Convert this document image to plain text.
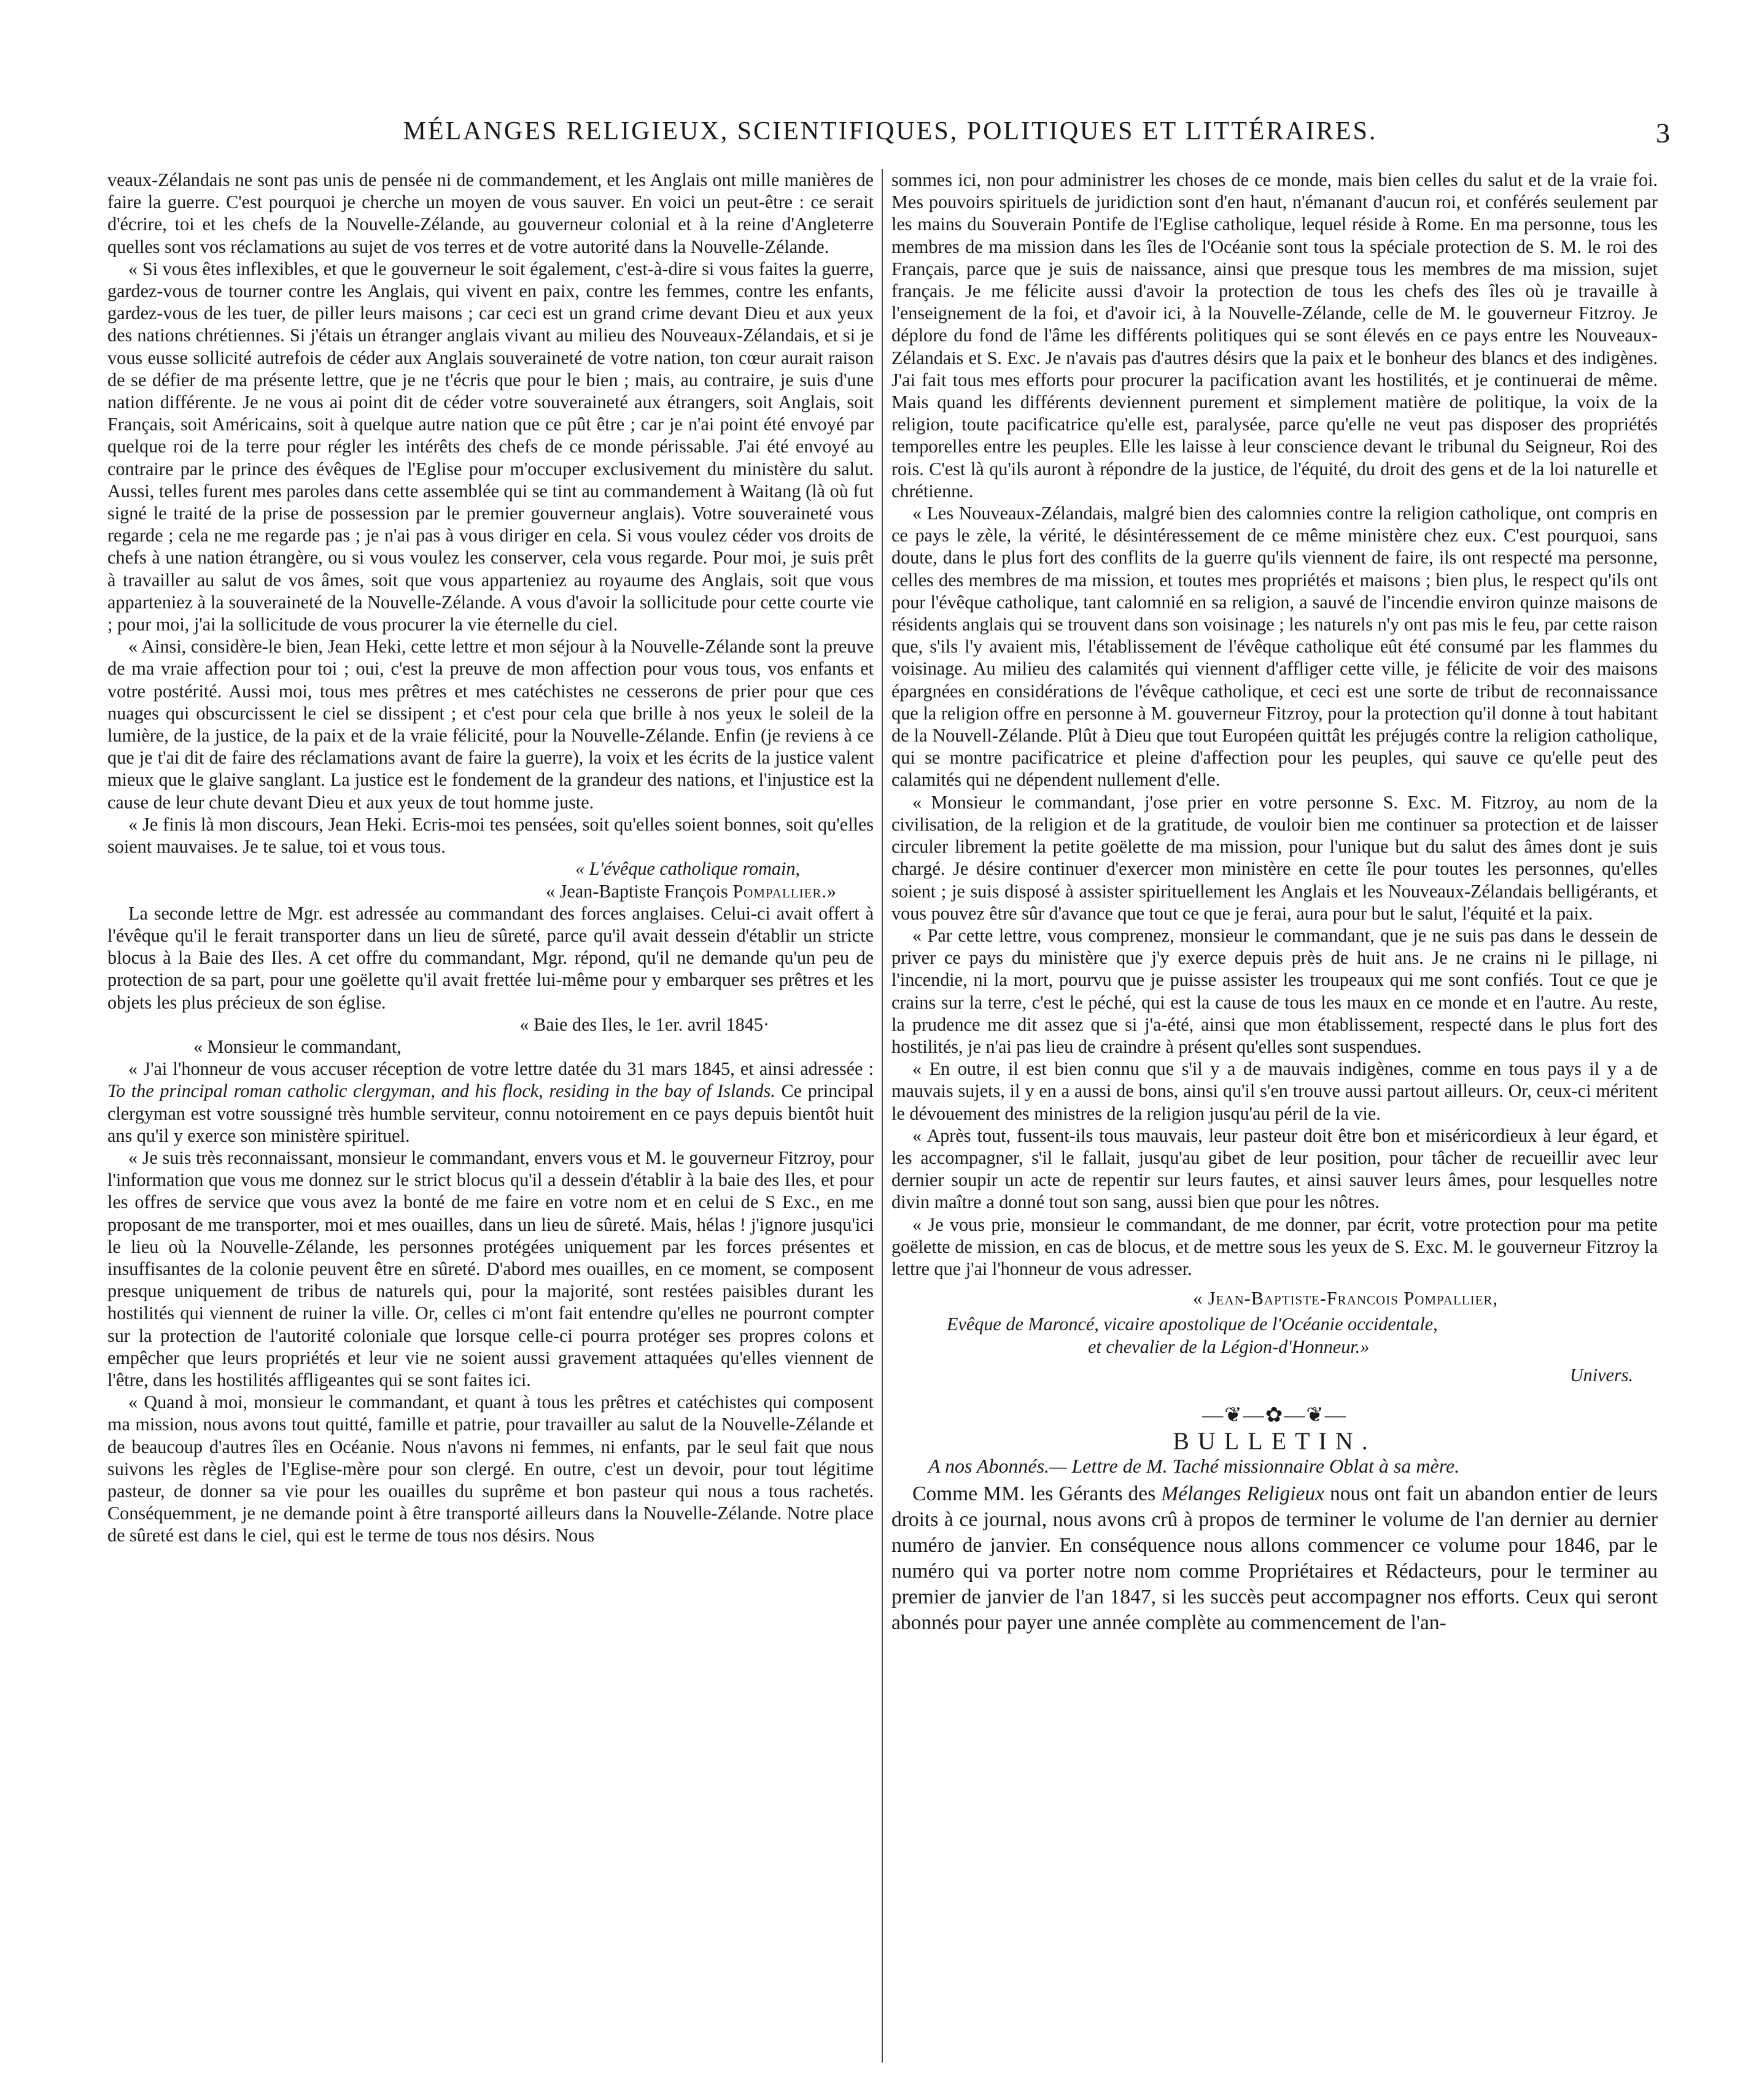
MÉLANGES RELIGIEUX, SCIENTIFIQUES, POLITIQUES ET LITTÉRAIRES.	3

veaux-Zélandais ne sont pas unis de pensée ni de commandement, et les Anglais ont mille manières de faire la guerre. C'est pourquoi je cherche un moyen de vous sauver. En voici un peut-être : ce serait d'écrire, toi et les chefs de la Nouvelle-Zélande, au gouverneur colonial et à la reine d'Angleterre quelles sont vos réclamations au sujet de vos terres et de votre autorité dans la Nouvelle-Zélande.

« Si vous êtes inflexibles, et que le gouverneur le soit également, c'est-à-dire si vous faites la guerre, gardez-vous de tourner contre les Anglais, qui vivent en paix, contre les femmes, contre les enfants, gardez-vous de les tuer, de piller leurs maisons ; car ceci est un grand crime devant Dieu et aux yeux des nations chrétiennes. Si j'étais un étranger anglais vivant au milieu des Nouveaux-Zélandais, et si je vous eusse sollicité autrefois de céder aux Anglais souveraineté de votre nation, ton cœur aurait raison de se défier de ma présente lettre, que je ne t'écris que pour le bien ; mais, au contraire, je suis d'une nation différente. Je ne vous ai point dit de céder votre souveraineté aux étrangers, soit Anglais, soit Français, soit Américains, soit à quelque autre nation que ce pût être ; car je n'ai point été envoyé par quelque roi de la terre pour régler les intérêts des chefs de ce monde périssable. J'ai été envoyé au contraire par le prince des évêques de l'Eglise pour m'occuper exclusivement du ministère du salut. Aussi, telles furent mes paroles dans cette assemblée qui se tint au commandement à Waitang (là où fut signé le traité de la prise de possession par le premier gouverneur anglais). Votre souveraineté vous regarde ; cela ne me regarde pas ; je n'ai pas à vous diriger en cela. Si vous voulez céder vos droits de chefs à une nation étrangère, ou si vous voulez les conserver, cela vous regarde. Pour moi, je suis prêt à travailler au salut de vos âmes, soit que vous apparteniez au royaume des Anglais, soit que vous apparteniez à la souveraineté de la Nouvelle-Zélande. A vous d'avoir la sollicitude pour cette courte vie ; pour moi, j'ai la sollicitude de vous procurer la vie éternelle du ciel.

« Ainsi, considère-le bien, Jean Heki, cette lettre et mon séjour à la Nouvelle-Zélande sont la preuve de ma vraie affection pour toi ; oui, c'est la preuve de mon affection pour vous tous, vos enfants et votre postérité. Aussi moi, tous mes prêtres et mes catéchistes ne cesserons de prier pour que ces nuages qui obscurcissent le ciel se dissipent ; et c'est pour cela que brille à nos yeux le soleil de la lumière, de la justice, de la paix et de la vraie félicité, pour la Nouvelle-Zélande. Enfin (je reviens à ce que je t'ai dit de faire des réclamations avant de faire la guerre), la voix et les écrits de la justice valent mieux que le glaive sanglant. La justice est le fondement de la grandeur des nations, et l'injustice est la cause de leur chute devant Dieu et aux yeux de tout homme juste.

« Je finis là mon discours, Jean Heki. Ecris-moi tes pensées, soit qu'elles soient bonnes, soit qu'elles soient mauvaises. Je te salue, toi et vous tous.

« L'évêque catholique romain,

« Jean-Baptiste François Pompallier.»

La seconde lettre de Mgr. est adressée au commandant des forces anglaises. Celui-ci avait offert à l'évêque qu'il le ferait transporter dans un lieu de sûreté, parce qu'il avait dessein d'établir un stricte blocus à la Baie des Iles. A cet offre du commandant, Mgr. répond, qu'il ne demande qu'un peu de protection de sa part, pour une goëlette qu'il avait frettée lui-même pour y embarquer ses prêtres et les objets les plus précieux de son église.

« Baie des Iles, le 1er. avril 1845·

« Monsieur le commandant,

« J'ai l'honneur de vous accuser réception de votre lettre datée du 31 mars 1845, et ainsi adressée : To the principal roman catholic clergyman, and his flock, residing in the bay of Islands. Ce principal clergyman est votre soussigné très humble serviteur, connu notoirement en ce pays depuis bientôt huit ans qu'il y exerce son ministère spirituel.

« Je suis très reconnaissant, monsieur le commandant, envers vous et M. le gouverneur Fitzroy, pour l'information que vous me donnez sur le strict blocus qu'il a dessein d'établir à la baie des Iles, et pour les offres de service que vous avez la bonté de me faire en votre nom et en celui de S Exc., en me proposant de me transporter, moi et mes ouailles, dans un lieu de sûreté. Mais, hélas ! j'ignore jusqu'ici le lieu où la Nouvelle-Zélande, les personnes protégées uniquement par les forces présentes et insuffisantes de la colonie peuvent être en sûreté. D'abord mes ouailles, en ce moment, se composent presque uniquement de tribus de naturels qui, pour la majorité, sont restées paisibles durant les hostilités qui viennent de ruiner la ville. Or, celles ci m'ont fait entendre qu'elles ne pourront compter sur la protection de l'autorité coloniale que lorsque celle-ci pourra protéger ses propres colons et empêcher que leurs propriétés et leur vie ne soient aussi gravement attaquées qu'elles viennent de l'être, dans les hostilités affligeantes qui se sont faites ici.

« Quand à moi, monsieur le commandant, et quant à tous les prêtres et catéchistes qui composent ma mission, nous avons tout quitté, famille et patrie, pour travailler au salut de la Nouvelle-Zélande et de beaucoup d'autres îles en Océanie. Nous n'avons ni femmes, ni enfants, par le seul fait que nous suivons les règles de l'Eglise-mère pour son clergé. En outre, c'est un devoir, pour tout légitime pasteur, de donner sa vie pour les ouailles du suprême et bon pasteur qui nous a tous rachetés. Conséquemment, je ne demande point à être transporté ailleurs dans la Nouvelle-Zélande. Notre place de sûreté est dans le ciel, qui est le terme de tous nos désirs. Nous

sommes ici, non pour administrer les choses de ce monde, mais bien celles du salut et de la vraie foi. Mes pouvoirs spirituels de juridiction sont d'en haut, n'émanant d'aucun roi, et conférés seulement par les mains du Souverain Pontife de l'Eglise catholique, lequel réside à Rome. En ma personne, tous les membres de ma mission dans les îles de l'Océanie sont tous la spéciale protection de S. M. le roi des Français, parce que je suis de naissance, ainsi que presque tous les membres de ma mission, sujet français. Je me félicite aussi d'avoir la protection de tous les chefs des îles où je travaille à l'enseignement de la foi, et d'avoir ici, à la Nouvelle-Zélande, celle de M. le gouverneur Fitzroy. Je déplore du fond de l'âme les différents politiques qui se sont élevés en ce pays entre les Nouveaux-Zélandais et S. Exc. Je n'avais pas d'autres désirs que la paix et le bonheur des blancs et des indigènes. J'ai fait tous mes efforts pour procurer la pacification avant les hostilités, et je continuerai de même. Mais quand les différents deviennent purement et simplement matière de politique, la voix de la religion, toute pacificatrice qu'elle est, paralysée, parce qu'elle ne veut pas disposer des propriétés temporelles entre les peuples. Elle les laisse à leur conscience devant le tribunal du Seigneur, Roi des rois. C'est là qu'ils auront à répondre de la justice, de l'équité, du droit des gens et de la loi naturelle et chrétienne.

« Les Nouveaux-Zélandais, malgré bien des calomnies contre la religion catholique, ont compris en ce pays le zèle, la vérité, le désintéressement de ce même ministère chez eux. C'est pourquoi, sans doute, dans le plus fort des conflits de la guerre qu'ils viennent de faire, ils ont respecté ma personne, celles des membres de ma mission, et toutes mes propriétés et maisons ; bien plus, le respect qu'ils ont pour l'évêque catholique, tant calomnié en sa religion, a sauvé de l'incendie environ quinze maisons de résidents anglais qui se trouvent dans son voisinage ; les naturels n'y ont pas mis le feu, par cette raison que, s'ils l'y avaient mis, l'établissement de l'évêque catholique eût été consumé par les flammes du voisinage. Au milieu des calamités qui viennent d'affliger cette ville, je félicite de voir des maisons épargnées en considérations de l'évêque catholique, et ceci est une sorte de tribut de reconnaissance que la religion offre en personne à M. gouverneur Fitzroy, pour la protection qu'il donne à tout habitant de la Nouvell-Zélande. Plût à Dieu que tout Européen quittât les préjugés contre la religion catholique, qui se montre pacificatrice et pleine d'affection pour les peuples, qui sauve ce qu'elle peut des calamités qui ne dépendent nullement d'elle.

« Monsieur le commandant, j'ose prier en votre personne S. Exc. M. Fitzroy, au nom de la civilisation, de la religion et de la gratitude, de vouloir bien me continuer sa protection et de laisser circuler librement la petite goëlette de ma mission, pour l'unique but du salut des âmes dont je suis chargé. Je désire continuer d'exercer mon ministère en cette île pour toutes les personnes, qu'elles soient ; je suis disposé à assister spirituellement les Anglais et les Nouveaux-Zélandais belligérants, et vous pouvez être sûr d'avance que tout ce que je ferai, aura pour but le salut, l'équité et la paix.

« Par cette lettre, vous comprenez, monsieur le commandant, que je ne suis pas dans le dessein de priver ce pays du ministère que j'y exerce depuis près de huit ans. Je ne crains ni le pillage, ni l'incendie, ni la mort, pourvu que je puisse assister les troupeaux qui me sont confiés. Tout ce que je crains sur la terre, c'est le péché, qui est la cause de tous les maux en ce monde et en l'autre. Au reste, la prudence me dit assez que si j'a-été, ainsi que mon établissement, respecté dans le plus fort des hostilités, je n'ai pas lieu de craindre à présent qu'elles sont suspendues.

« En outre, il est bien connu que s'il y a de mauvais indigènes, comme en tous pays il y a de mauvais sujets, il y en a aussi de bons, ainsi qu'il s'en trouve aussi partout ailleurs. Or, ceux-ci méritent le dévouement des ministres de la religion jusqu'au péril de la vie.

« Après tout, fussent-ils tous mauvais, leur pasteur doit être bon et miséricordieux à leur égard, et les accompagner, s'il le fallait, jusqu'au gibet de leur position, pour tâcher de recueillir avec leur dernier soupir un acte de repentir sur leurs fautes, et ainsi sauver leurs âmes, pour lesquelles notre divin maître a donné tout son sang, aussi bien que pour les nôtres.

« Je vous prie, monsieur le commandant, de me donner, par écrit, votre protection pour ma petite goëlette de mission, en cas de blocus, et de mettre sous les yeux de S. Exc. M. le gouverneur Fitzroy la lettre que j'ai l'honneur de vous adresser.

« Jean-Baptiste-Francois Pompallier,

Evêque de Maroncé, vicaire apostolique de l'Océanie occidentale,

et chevalier de la Légion-d'Honneur.»

Univers.

—❦—✿—❦—
BULLETIN.

A nos Abonnés.— Lettre de M. Taché missionnaire Oblat à sa mère.

Comme MM. les Gérants des Mélanges Religieux nous ont fait un abandon entier de leurs droits à ce journal, nous avons crû à propos de terminer le volume de l'an dernier au dernier numéro de janvier. En conséquence nous allons commencer ce volume pour 1846, par le numéro qui va porter notre nom comme Propriétaires et Rédacteurs, pour le terminer au premier de janvier de l'an 1847, si les succès peut accompagner nos efforts. Ceux qui seront abonnés pour payer une année complète au commencement de l'an-
